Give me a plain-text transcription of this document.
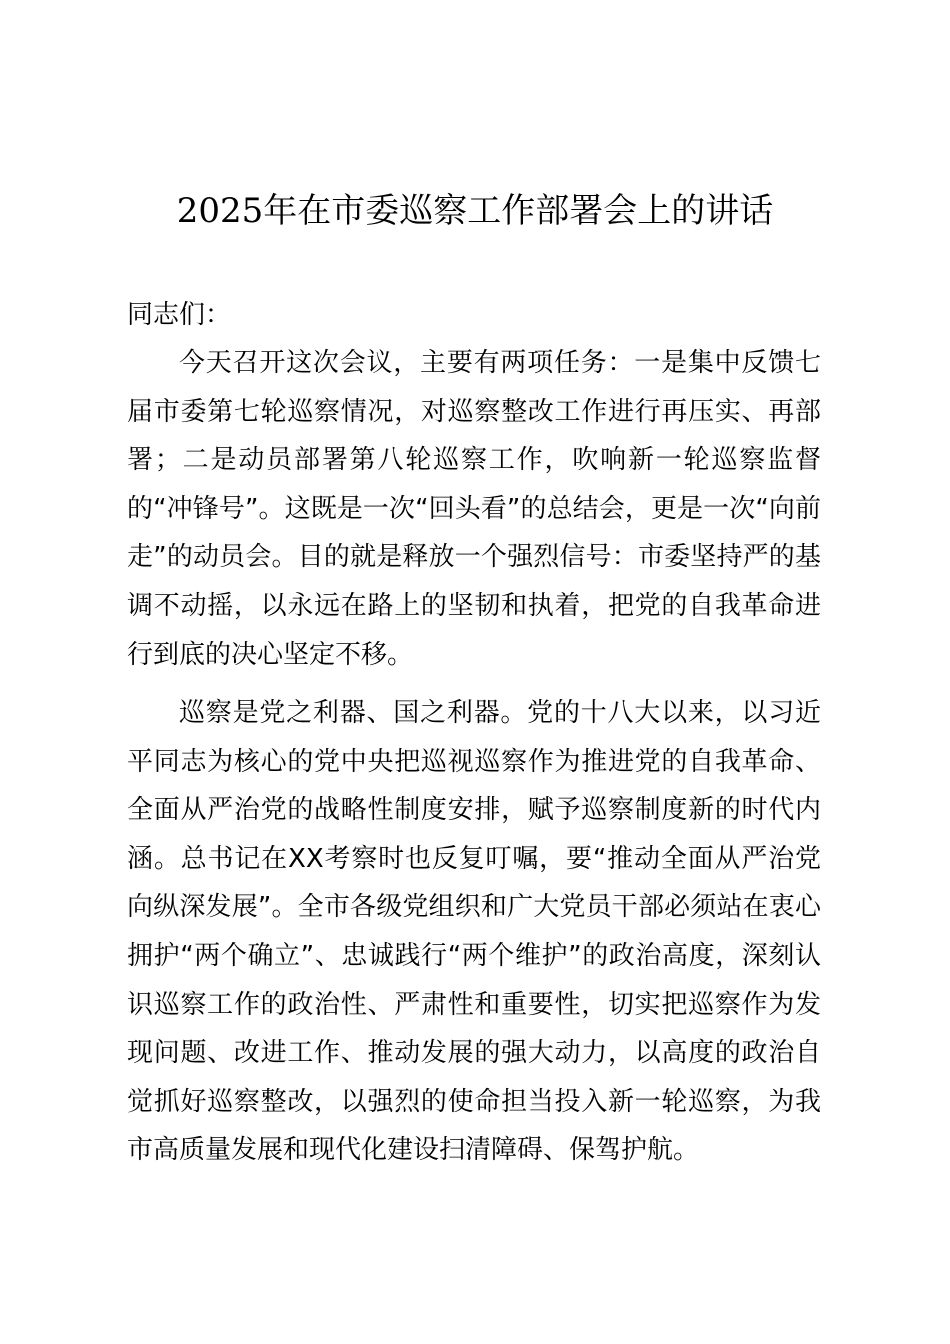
2025年在市委巡察工作部署会上的讲话

同志们：

今天召开这次会议，主要有两项任务：一是集中反馈七届市委第七轮巡察情况，对巡察整改工作进行再压实、再部署；二是动员部署第八轮巡察工作，吹响新一轮巡察监督的“冲锋号”。这既是一次“回头看”的总结会，更是一次“向前走”的动员会。目的就是释放一个强烈信号：市委坚持严的基调不动摇，以永远在路上的坚韧和执着，把党的自我革命进行到底的决心坚定不移。

巡察是党之利器、国之利器。党的十八大以来，以习近平同志为核心的党中央把巡视巡察作为推进党的自我革命、全面从严治党的战略性制度安排，赋予巡察制度新的时代内涵。总书记在XX考察时也反复叮嘱，要“推动全面从严治党向纵深发展”。全市各级党组织和广大党员干部必须站在衷心拥护“两个确立”、忠诚践行“两个维护”的政治高度，深刻认识巡察工作的政治性、严肃性和重要性，切实把巡察作为发现问题、改进工作、推动发展的强大动力，以高度的政治自觉抓好巡察整改，以强烈的使命担当投入新一轮巡察，为我市高质量发展和现代化建设扫清障碍、保驾护航。
